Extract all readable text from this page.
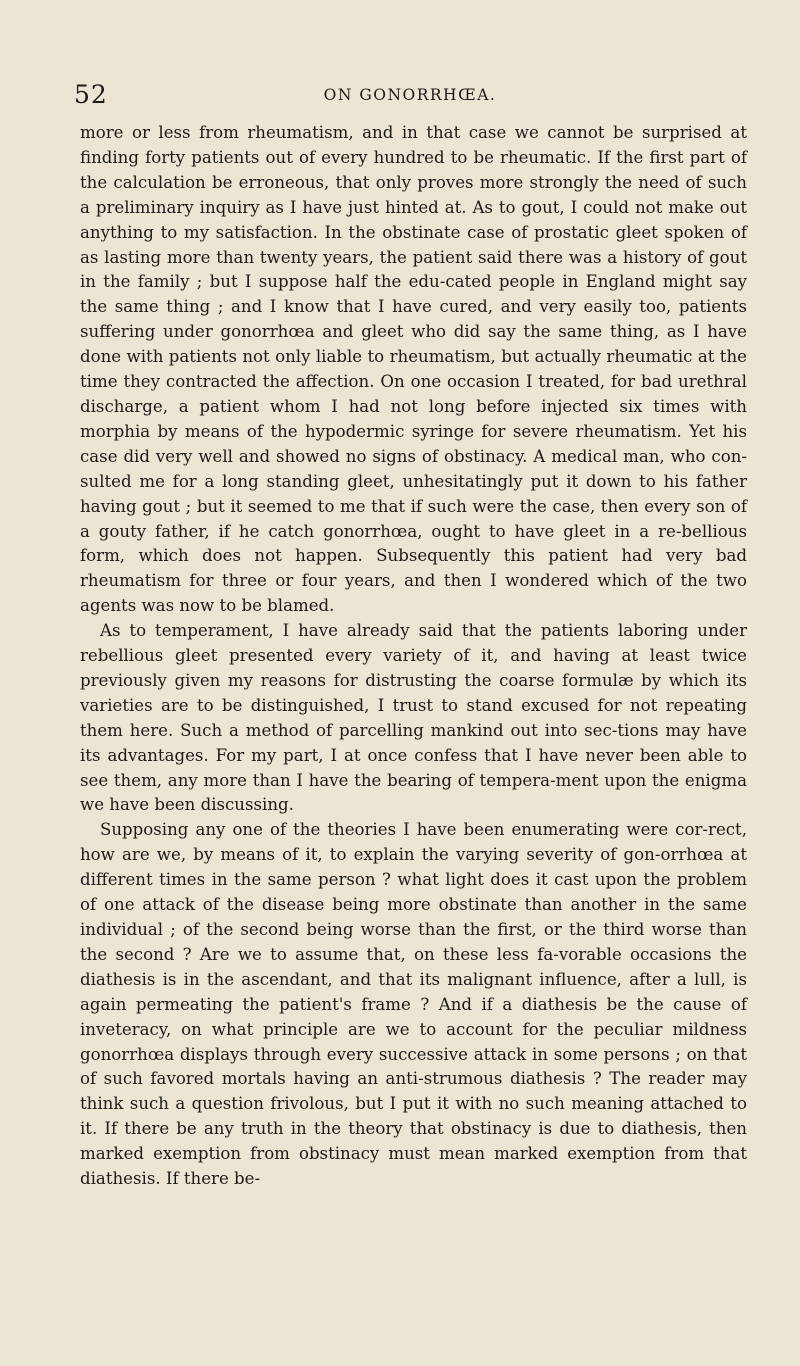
52	ON GONORRHŒA.

more or less from rheumatism, and in that case we cannot be surprised at finding forty patients out of every hundred to be rheumatic. If the first part of the calculation be erroneous, that only proves more strongly the need of such a preliminary inquiry as I have just hinted at. As to gout, I could not make out anything to my satisfaction. In the obstinate case of prostatic gleet spoken of as lasting more than twenty years, the patient said there was a history of gout in the family ; but I suppose half the edu-cated people in England might say the same thing ; and I know that I have cured, and very easily too, patients suffering under gonorrhœa and gleet who did say the same thing, as I have done with patients not only liable to rheumatism, but actually rheumatic at the time they contracted the affection. On one occasion I treated, for bad urethral discharge, a patient whom I had not long before injected six times with morphia by means of the hypodermic syringe for severe rheumatism. Yet his case did very well and showed no signs of obstinacy. A medical man, who con-sulted me for a long standing gleet, unhesitatingly put it down to his father having gout ; but it seemed to me that if such were the case, then every son of a gouty father, if he catch gonorrhœa, ought to have gleet in a re-bellious form, which does not happen. Subsequently this patient had very bad rheumatism for three or four years, and then I wondered which of the two agents was now to be blamed.

As to temperament, I have already said that the patients laboring under rebellious gleet presented every variety of it, and having at least twice previously given my reasons for distrusting the coarse formulæ by which its varieties are to be distinguished, I trust to stand excused for not repeating them here. Such a method of parcelling mankind out into sec-tions may have its advantages. For my part, I at once confess that I have never been able to see them, any more than I have the bearing of tempera-ment upon the enigma we have been discussing.

Supposing any one of the theories I have been enumerating were cor-rect, how are we, by means of it, to explain the varying severity of gon-orrhœa at different times in the same person ? what light does it cast upon the problem of one attack of the disease being more obstinate than another in the same individual ; of the second being worse than the first, or the third worse than the second ? Are we to assume that, on these less fa-vorable occasions the diathesis is in the ascendant, and that its malignant influence, after a lull, is again permeating the patient's frame ? And if a diathesis be the cause of inveteracy, on what principle are we to account for the peculiar mildness gonorrhœa displays through every successive attack in some persons ; on that of such favored mortals having an anti-strumous diathesis ? The reader may think such a question frivolous, but I put it with no such meaning attached to it. If there be any truth in the theory that obstinacy is due to diathesis, then marked exemption from obstinacy must mean marked exemption from that diathesis. If there be-
